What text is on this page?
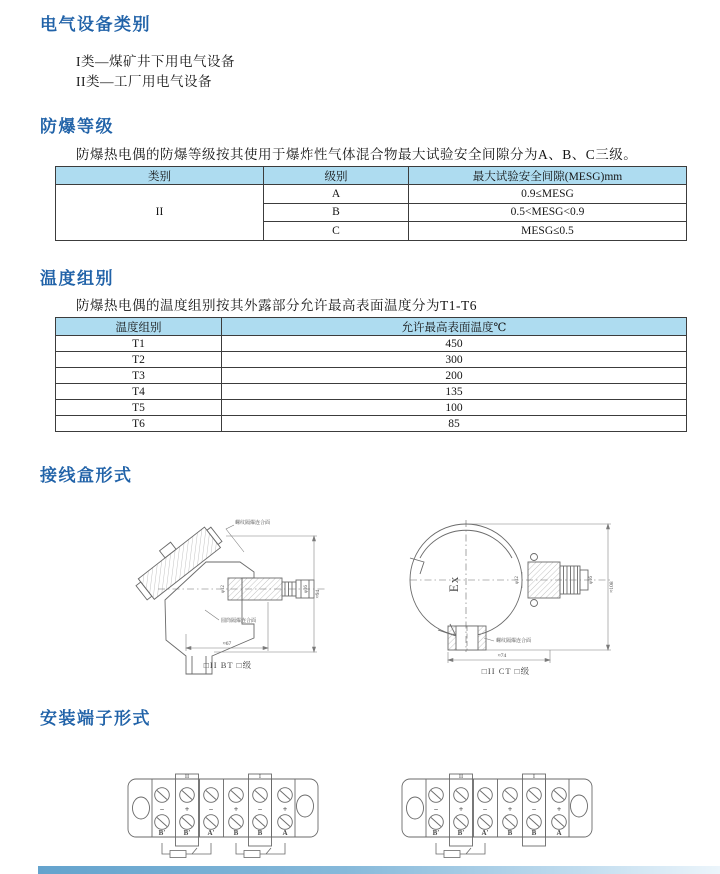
电气设备类别
I类—煤矿井下用电气设备
II类—工厂用电气设备
防爆等级
防爆热电偶的防爆等级按其使用于爆炸性气体混合物最大试验安全间隙分为A、B、C三级。
类别	级别	最大试验安全间隙(MESG)mm
II	A	0.9≤MESG
	B	0.5<MESG<0.9
	C	MESG≤0.5
温度组别
防爆热电偶的温度组别按其外露部分允许最高表面温度分为T1-T6
温度组别	允许最高表面温度℃
T1	450
T2	300
T3	200
T4	135
T5	100
T6	85
接线盒形式
螺纹隔爆连合面
圆筒隔爆连合面
≈67
≈94
φ12	φ16
□II BT □级
Ex
螺纹隔爆连合面
≈108
≈74
φ12	φ16
□II CT □级
安装端子形式
II	I
−	+ −	+ −	+
B′	B′ A′	B	B	A
II	I
−	+ −	+ −	+
B′	B′ A′	B	B	A
